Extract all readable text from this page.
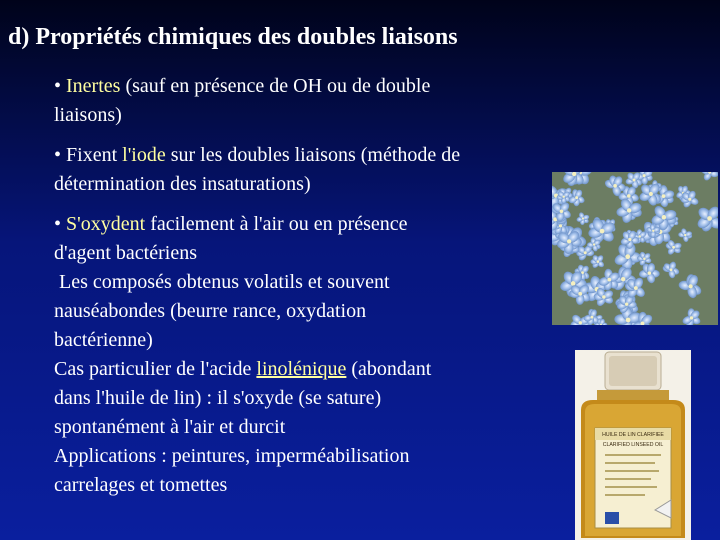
d) Propriétés chimiques des doubles liaisons
• Inertes (sauf en présence de OH ou de double
liaisons)
• Fixent l'iode sur les doubles liaisons (méthode de
détermination des insaturations)
• S'oxydent facilement à l'air ou en présence
d'agent bactériens
Les composés obtenus volatils et souvent
nauséabondes (beurre rance, oxydation
bactérienne)
Cas particulier de l'acide linolénique (abondant
dans l'huile de lin) : il s'oxyde (se sature)
spontanément à l'air et durcit
Applications : peintures, imperméabilisation
carrelages et tomettes
HUILE DE LIN CLARIFIEE
CLARIFIED LINSEED OIL
